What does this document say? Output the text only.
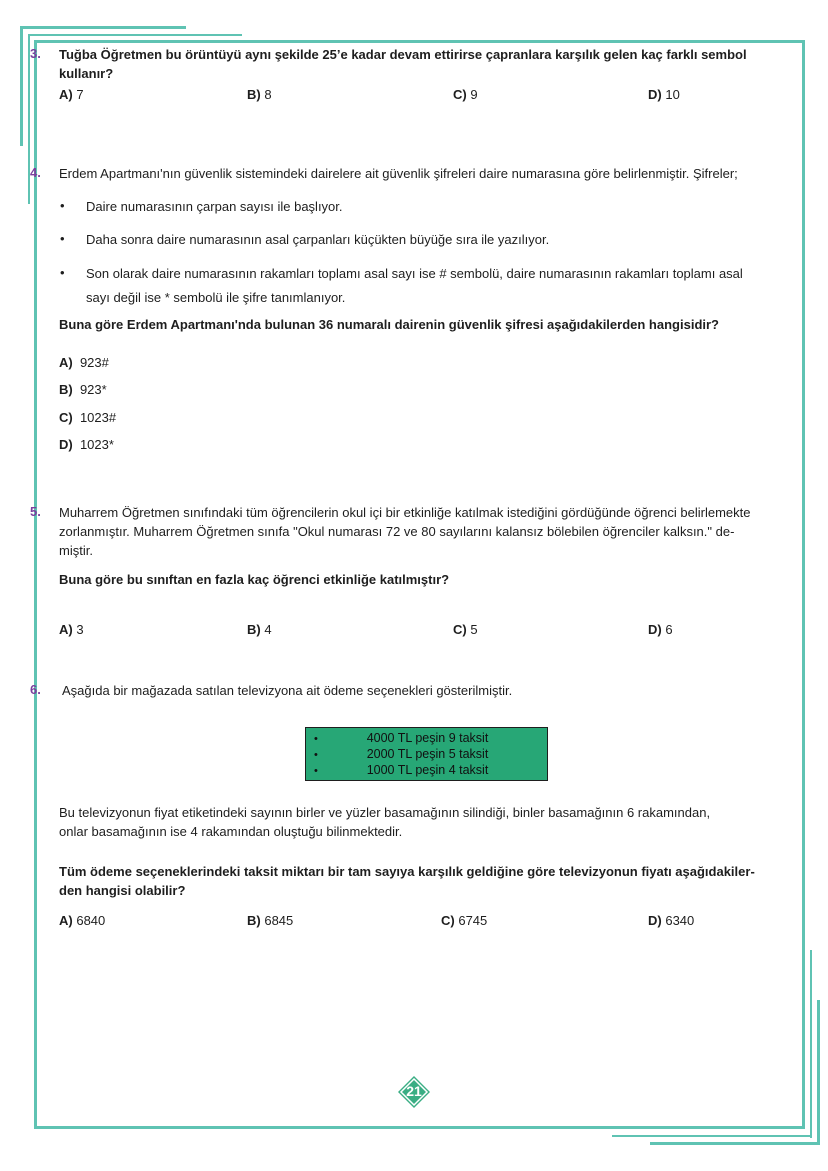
3. Tuğba Öğretmen bu örüntüyü aynı şekilde 25’e kadar devam ettirirse çapranlara karşılık gelen kaç farklı sembol
kullanır?
A) 7	B) 8	C) 9	D) 10
4. Erdem Apartmanı'nın güvenlik sistemindeki dairelere ait güvenlik şifreleri daire numarasına göre belirlenmiştir. Şifreler;
• Daire numarasının çarpan sayısı ile başlıyor.
• Daha sonra daire numarasının asal çarpanları küçükten büyüğe sıra ile yazılıyor.
• Son olarak daire numarasının rakamları toplamı asal sayı ise # sembolü, daire numarasının rakamları toplamı asal
sayı değil ise * sembolü ile şifre tanımlanıyor.
Buna göre Erdem Apartmanı'nda bulunan 36 numaralı dairenin güvenlik şifresi aşağıdakilerden hangisidir?
A) 923#
B) 923*
C) 1023#
D) 1023*
5. Muharrem Öğretmen sınıfındaki tüm öğrencilerin okul içi bir etkinliğe katılmak istediğini gördüğünde öğrenci belirlemekte
zorlanmıştır. Muharrem Öğretmen sınıfa "Okul numarası 72 ve 80 sayılarını kalansız bölebilen öğrenciler kalksın." de-
miştir.
Buna göre bu sınıftan en fazla kaç öğrenci etkinliğe katılmıştır?
A) 3	B) 4	C) 5	D) 6
6. Aşağıda bir mağazada satılan televizyona ait ödeme seçenekleri gösterilmiştir.
•	4000 TL peşin 9 taksit
•	2000 TL peşin 5 taksit
•	1000 TL peşin 4 taksit
Bu televizyonun fiyat etiketindeki sayının birler ve yüzler basamağının silindiği, binler basamağının 6 rakamından,
onlar basamağının ise 4 rakamından oluştuğu bilinmektedir.
Tüm ödeme seçeneklerindeki taksit miktarı bir tam sayıya karşılık geldiğine göre televizyonun fiyatı aşağıdakiler-
den hangisi olabilir?
A) 6840	B) 6845	C) 6745	D) 6340
21
